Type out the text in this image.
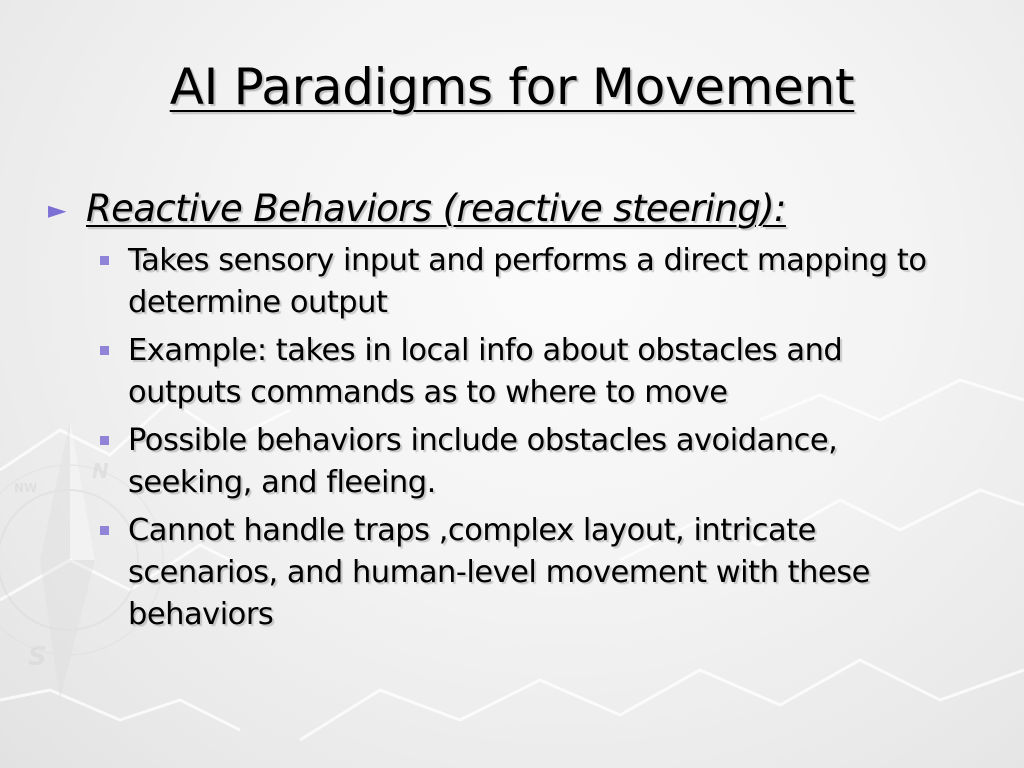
S
N
NW
AI Paradigms for Movement
► Reactive Behaviors (reactive steering):
Takes sensory input and performs a direct mapping to determine output
Example: takes in local info about obstacles and outputs commands as to where to move
Possible behaviors include obstacles avoidance, seeking, and fleeing.
Cannot handle traps ,complex layout, intricate scenarios, and human-level movement with these behaviors
